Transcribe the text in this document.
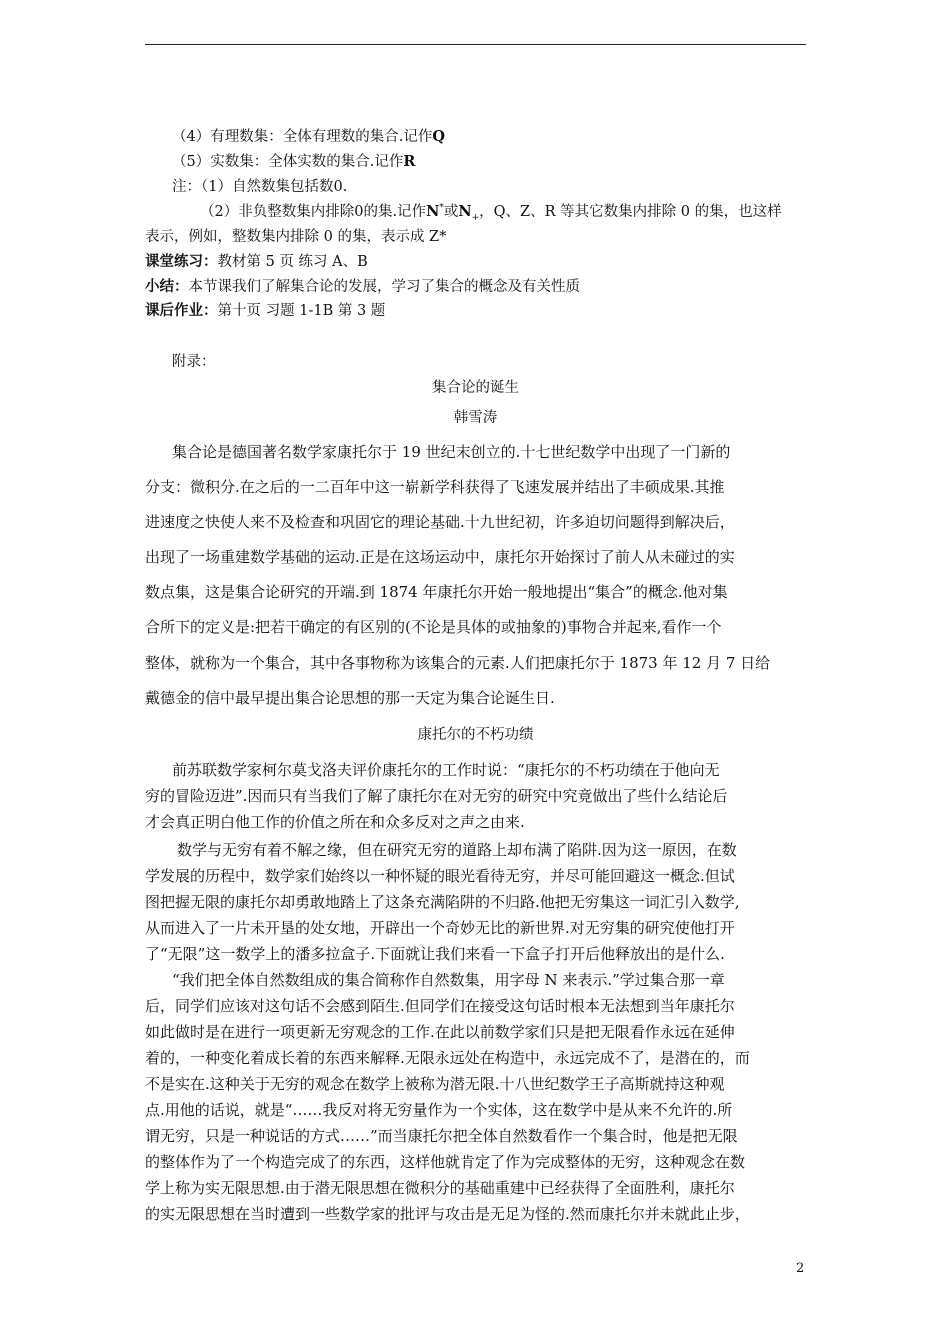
（4）有理数集：全体有理数的集合.记作Q
（5）实数集：全体实数的集合.记作R
注：（1）自然数集包括数0.
（2）非负整数集内排除0的集.记作N*或$N_+$，Q、Z、R 等其它数集内排除 0 的集，也这样
表示，例如，整数集内排除 0 的集，表示成 Z*
课堂练习：教材第 5 页 练习 A、B
小结：本节课我们了解集合论的发展，学习了集合的概念及有关性质
课后作业：第十页 习题 1-1B 第 3 题
附录：
集合论的诞生
韩雪涛
集合论是德国著名数学家康托尔于 19 世纪末创立的.十七世纪数学中出现了一门新的
分支：微积分.在之后的一二百年中这一崭新学科获得了飞速发展并结出了丰硕成果.其推
进速度之快使人来不及检查和巩固它的理论基础.十九世纪初，许多迫切问题得到解决后，
出现了一场重建数学基础的运动.正是在这场运动中，康托尔开始探讨了前人从未碰过的实
数点集，这是集合论研究的开端.到 1874 年康托尔开始一般地提出“集合”的概念.他对集
合所下的定义是:把若干确定的有区别的(不论是具体的或抽象的)事物合并起来,看作一个
整体，就称为一个集合，其中各事物称为该集合的元素.人们把康托尔于 1873 年 12 月 7 日给
戴德金的信中最早提出集合论思想的那一天定为集合论诞生日.
康托尔的不朽功绩
前苏联数学家柯尔莫戈洛夫评价康托尔的工作时说：“康托尔的不朽功绩在于他向无
穷的冒险迈进”.因而只有当我们了解了康托尔在对无穷的研究中究竟做出了些什么结论后
才会真正明白他工作的价值之所在和众多反对之声之由来.
数学与无穷有着不解之缘，但在研究无穷的道路上却布满了陷阱.因为这一原因，在数
学发展的历程中，数学家们始终以一种怀疑的眼光看待无穷，并尽可能回避这一概念.但试
图把握无限的康托尔却勇敢地踏上了这条充满陷阱的不归路.他把无穷集这一词汇引入数学,
从而进入了一片未开垦的处女地，开辟出一个奇妙无比的新世界.对无穷集的研究使他打开
了“无限”这一数学上的潘多拉盒子.下面就让我们来看一下盒子打开后他释放出的是什么.
“我们把全体自然数组成的集合简称作自然数集，用字母 N 来表示.”学过集合那一章
后，同学们应该对这句话不会感到陌生.但同学们在接受这句话时根本无法想到当年康托尔
如此做时是在进行一项更新无穷观念的工作.在此以前数学家们只是把无限看作永远在延伸
着的，一种变化着成长着的东西来解释.无限永远处在构造中，永远完成不了，是潜在的，而
不是实在.这种关于无穷的观念在数学上被称为潜无限.十八世纪数学王子高斯就持这种观
点.用他的话说，就是“……我反对将无穷量作为一个实体，这在数学中是从来不允许的.所
谓无穷，只是一种说话的方式……”而当康托尔把全体自然数看作一个集合时，他是把无限
的整体作为了一个构造完成了的东西，这样他就肯定了作为完成整体的无穷，这种观念在数
学上称为实无限思想.由于潜无限思想在微积分的基础重建中已经获得了全面胜利，康托尔
的实无限思想在当时遭到一些数学家的批评与攻击是无足为怪的.然而康托尔并未就此止步，
2
